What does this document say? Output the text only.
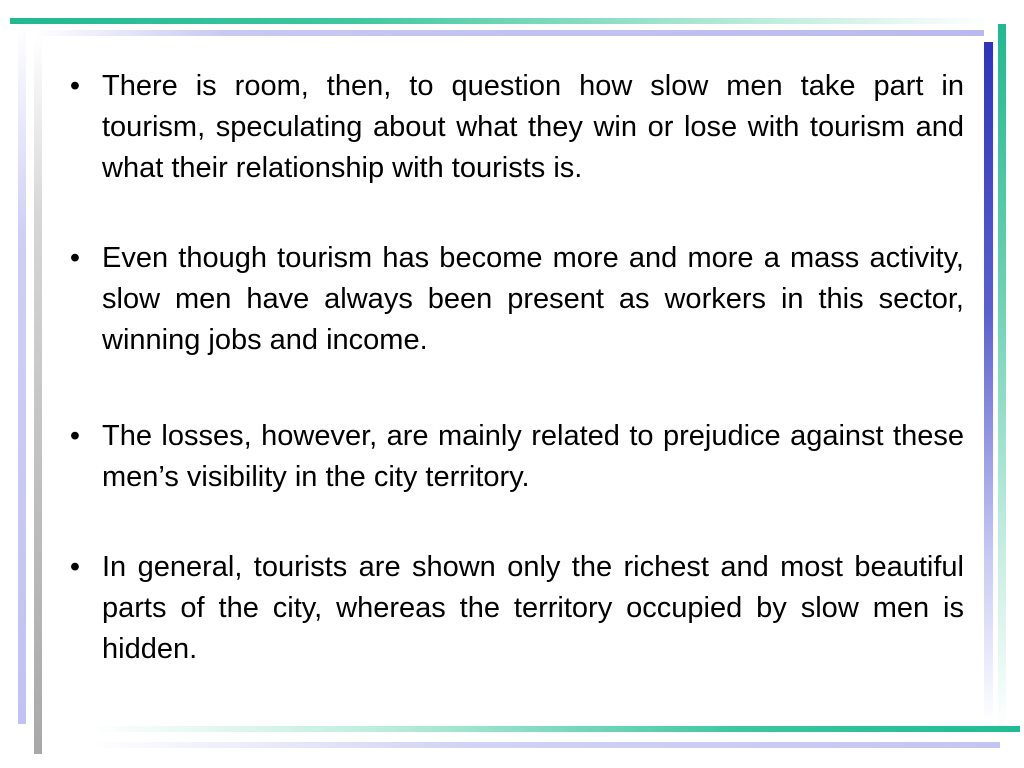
• There is room, then, to question how slow men take part in tourism, speculating about what they win or lose with tourism and what their relationship with tourists is.
• Even though tourism has become more and more a mass activity, slow men have always been present as workers in this sector, winning jobs and income.
• The losses, however, are mainly related to prejudice against these men’s visibility in the city territory.
• In general, tourists are shown only the richest and most beautiful parts of the city, whereas the territory occupied by slow men is hidden.
